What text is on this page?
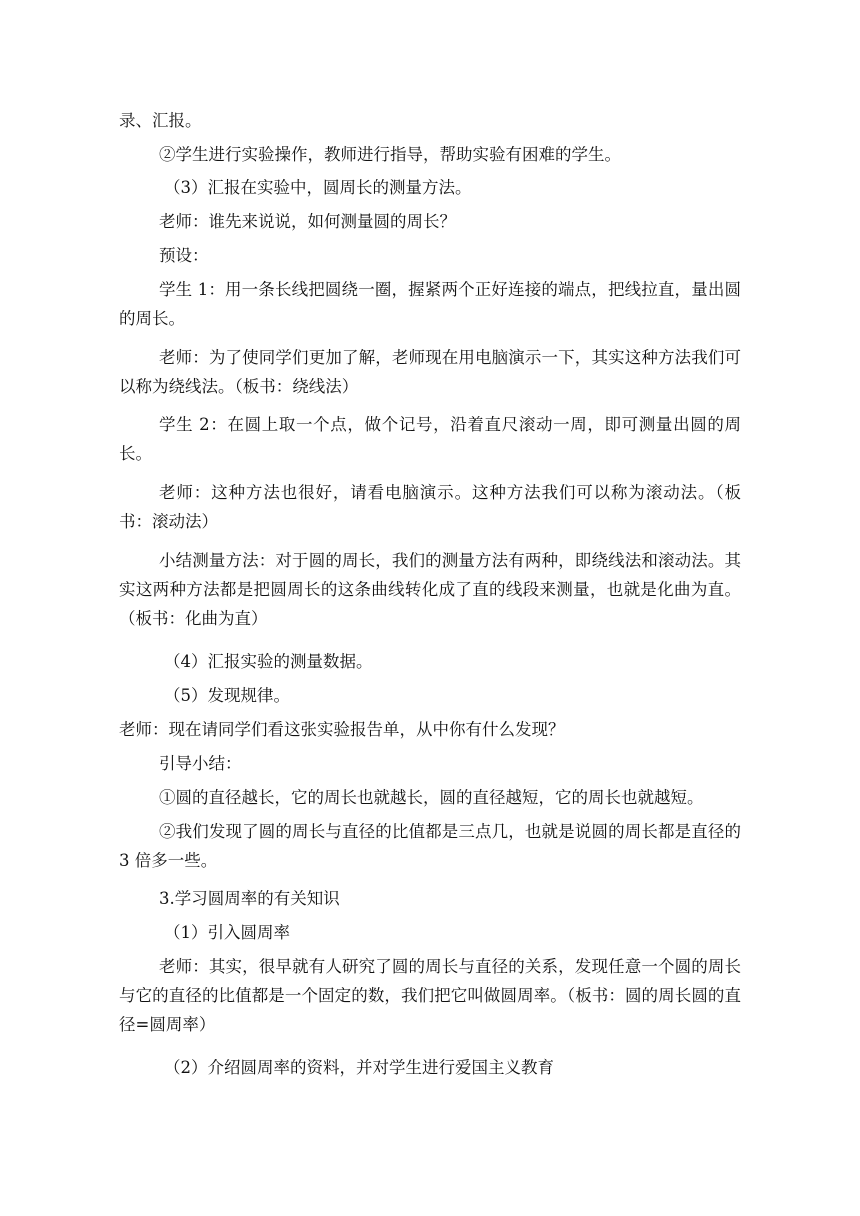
录、汇报。

②学生进行实验操作，教师进行指导，帮助实验有困难的学生。

（3）汇报在实验中，圆周长的测量方法。

老师：谁先来说说，如何测量圆的周长？

预设：

学生 1：用一条长线把圆绕一圈，握紧两个正好连接的端点，把线拉直，量出圆的周长。

老师：为了使同学们更加了解，老师现在用电脑演示一下，其实这种方法我们可以称为绕线法。（板书：绕线法）

学生 2：在圆上取一个点，做个记号，沿着直尺滚动一周，即可测量出圆的周长。

老师：这种方法也很好，请看电脑演示。这种方法我们可以称为滚动法。（板书：滚动法）

小结测量方法：对于圆的周长，我们的测量方法有两种，即绕线法和滚动法。其实这两种方法都是把圆周长的这条曲线转化成了直的线段来测量，也就是化曲为直。（板书：化曲为直）

（4）汇报实验的测量数据。

（5）发现规律。

老师：现在请同学们看这张实验报告单，从中你有什么发现？

引导小结：

①圆的直径越长，它的周长也就越长，圆的直径越短，它的周长也就越短。

②我们发现了圆的周长与直径的比值都是三点几，也就是说圆的周长都是直径的 3 倍多一些。

3.学习圆周率的有关知识

（1）引入圆周率

老师：其实，很早就有人研究了圆的周长与直径的关系，发现任意一个圆的周长与它的直径的比值都是一个固定的数，我们把它叫做圆周率。（板书：圆的周长圆的直径=圆周率）

（2）介绍圆周率的资料，并对学生进行爱国主义教育
